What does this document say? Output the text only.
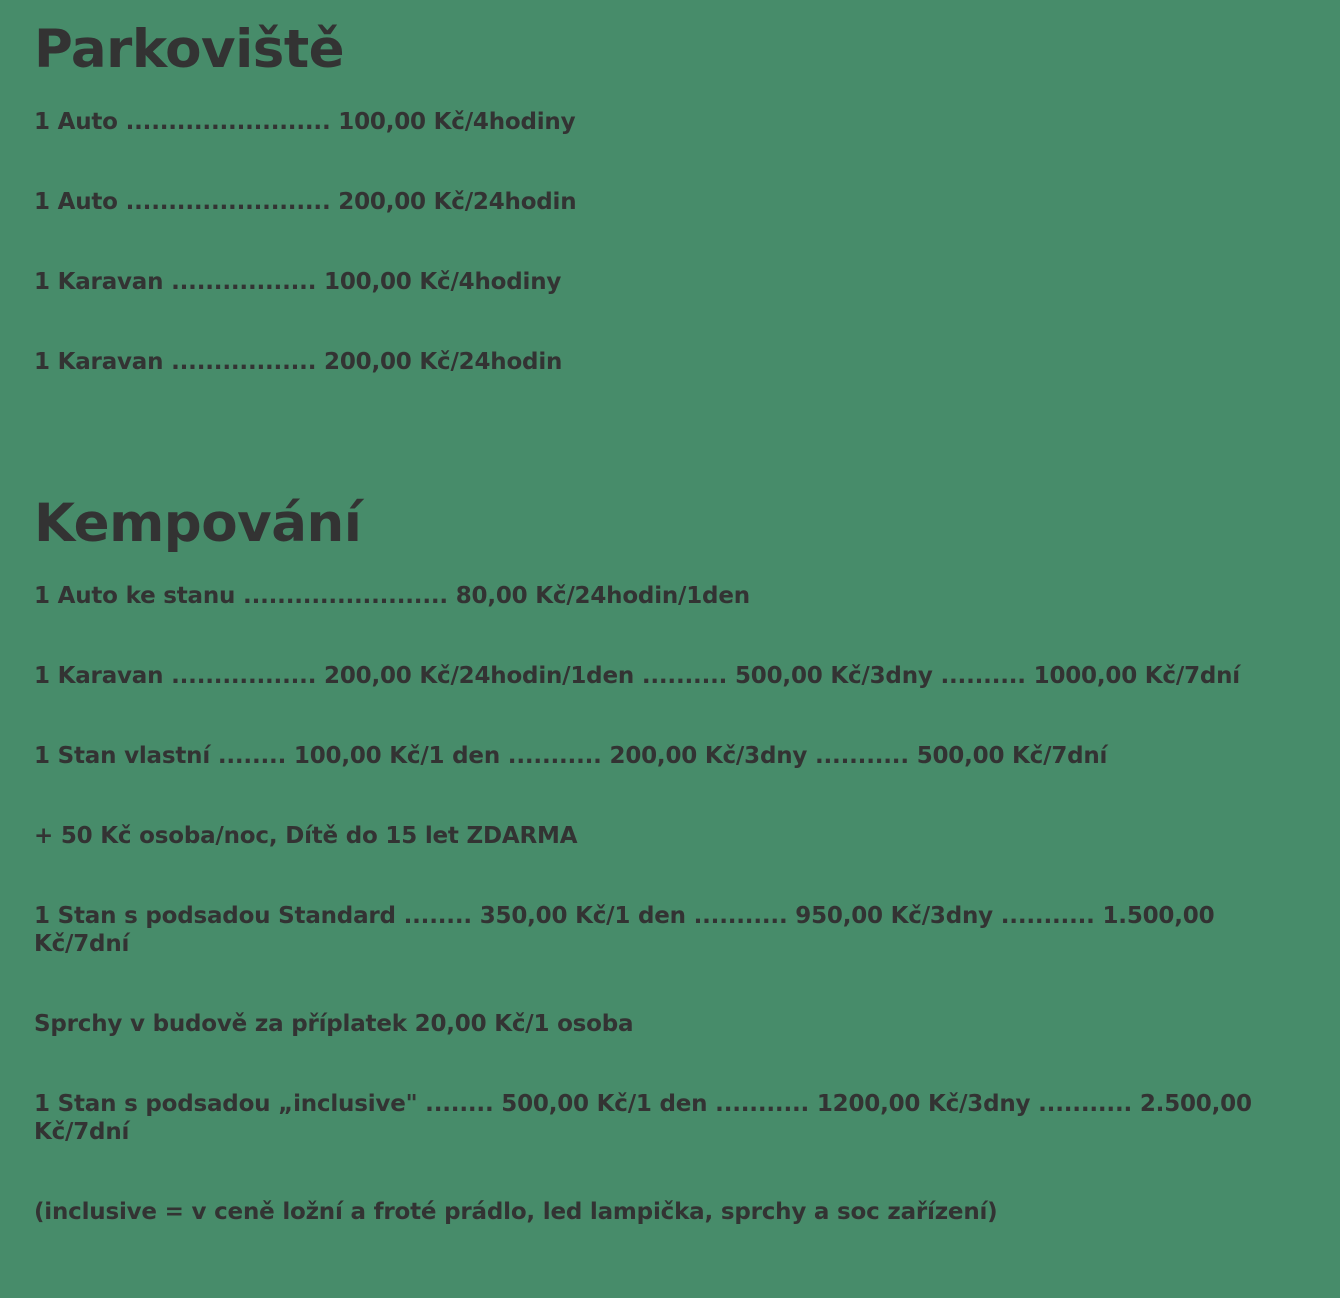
Parkoviště

1 Auto ........................ 100,00 Kč/4hodiny

1 Auto ........................ 200,00 Kč/24hodin

1 Karavan ................. 100,00 Kč/4hodiny

1 Karavan ................. 200,00 Kč/24hodin

Kempování

1 Auto ke stanu ........................ 80,00 Kč/24hodin/1den

1 Karavan ................. 200,00 Kč/24hodin/1den .......... 500,00 Kč/3dny .......... 1000,00 Kč/7dní

1 Stan vlastní ........ 100,00 Kč/1 den ........... 200,00 Kč/3dny ........... 500,00 Kč/7dní

+ 50 Kč osoba/noc, Dítě do 15 let ZDARMA

1 Stan s podsadou Standard ........ 350,00 Kč/1 den ........... 950,00 Kč/3dny ........... 1.500,00 Kč/7dní

Sprchy v budově za příplatek 20,00 Kč/1 osoba

1 Stan s podsadou „inclusive" ........ 500,00 Kč/1 den ........... 1200,00 Kč/3dny ........... 2.500,00 Kč/7dní

(inclusive = v ceně ložní a froté prádlo, led lampička, sprchy a soc zařízení)
